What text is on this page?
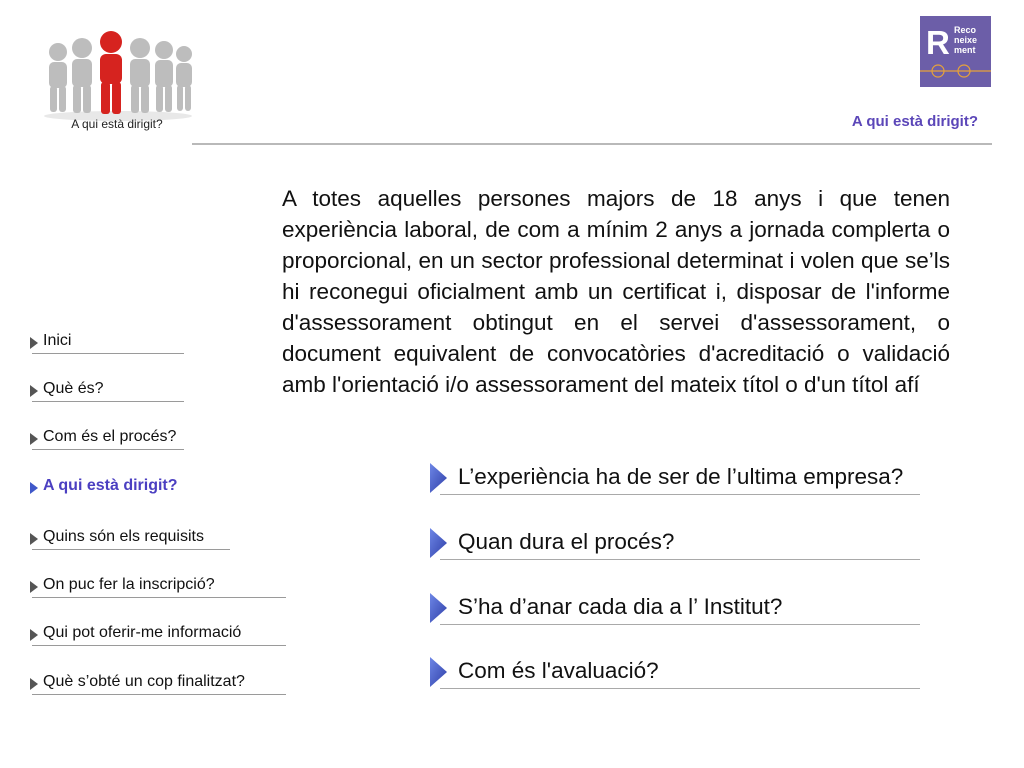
A qui està dirigit?
R Reco
neixe
ment
A qui està dirigit?
A totes aquelles persones majors de 18 anys i que tenen experiència laboral, de com a mínim 2 anys a jornada complerta o proporcional, en un sector professional determinat i volen que se’ls hi reconegui oficialment amb un certificat i, disposar de l'informe d'assessorament obtingut en el servei d'assessorament, o document equivalent de convocatòries d'acreditació o validació amb l'orientació i/o assessorament del mateix títol o d'un títol afí
Inici
Què és?
Com és el procés?
A qui està dirigit?
Quins són els requisits
On puc fer la inscripció?
Qui pot oferir-me informació
Què s’obté un cop finalitzat?
L’experiència ha de ser de l’ultima empresa?
Quan dura el procés?
S’ha d’anar cada dia a l’ Institut?
Com és l'avaluació?
